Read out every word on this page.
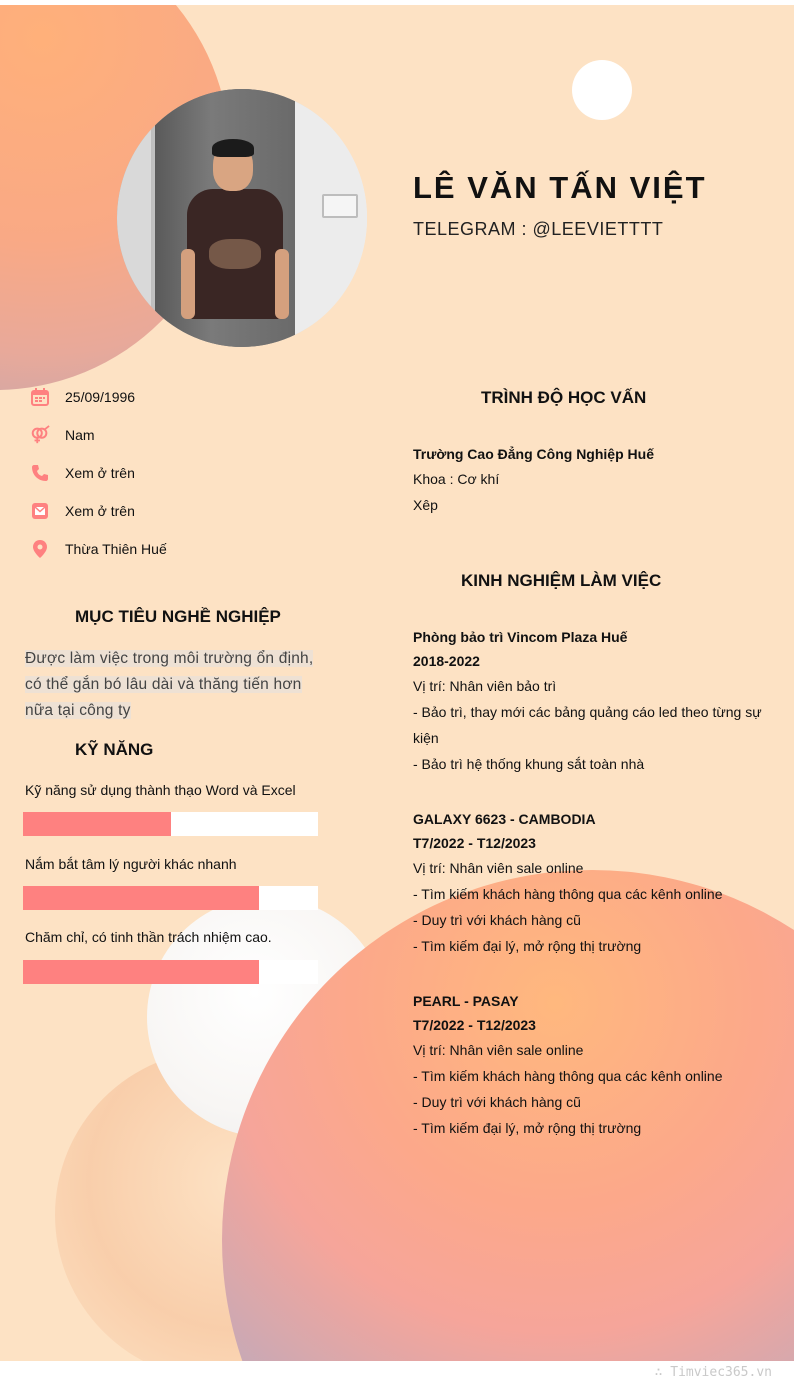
LÊ VĂN TẤN VIỆT
TELEGRAM : @LEEVIETTTT
25/09/1996
Nam
Xem ở trên
Xem ở trên
Thừa Thiên Huế
MỤC TIÊU NGHỀ NGHIỆP
Được làm việc trong môi trường ổn định,
có thể gắn bó lâu dài và thăng tiến hơn
nữa tại công ty
KỸ NĂNG
Kỹ năng sử dụng thành thạo Word và Excel
Nắm bắt tâm lý người khác nhanh
Chăm chỉ, có tinh thần trách nhiệm cao.
TRÌNH ĐỘ HỌC VẤN
Trường Cao Đẳng Công Nghiệp Huế
Khoa : Cơ khí
Xêp
KINH NGHIỆM LÀM VIỆC
Phòng bảo trì Vincom Plaza Huế
2018-2022
Vị trí: Nhân viên bảo trì
- Bảo trì, thay mới các bảng quảng cáo led theo từng sự
kiện
- Bảo trì hệ thống khung sắt toàn nhà
GALAXY 6623 - CAMBODIA
T7/2022 - T12/2023
Vị trí: Nhân viên sale online
- Tìm kiếm khách hàng thông qua các kênh online
- Duy trì với khách hàng cũ
- Tìm kiếm đại lý, mở rộng thị trường
PEARL - PASAY
T7/2022 - T12/2023
Vị trí: Nhân viên sale online
- Tìm kiếm khách hàng thông qua các kênh online
- Duy trì với khách hàng cũ
- Tìm kiếm đại lý, mở rộng thị trường
∴ Timviec365.vn
